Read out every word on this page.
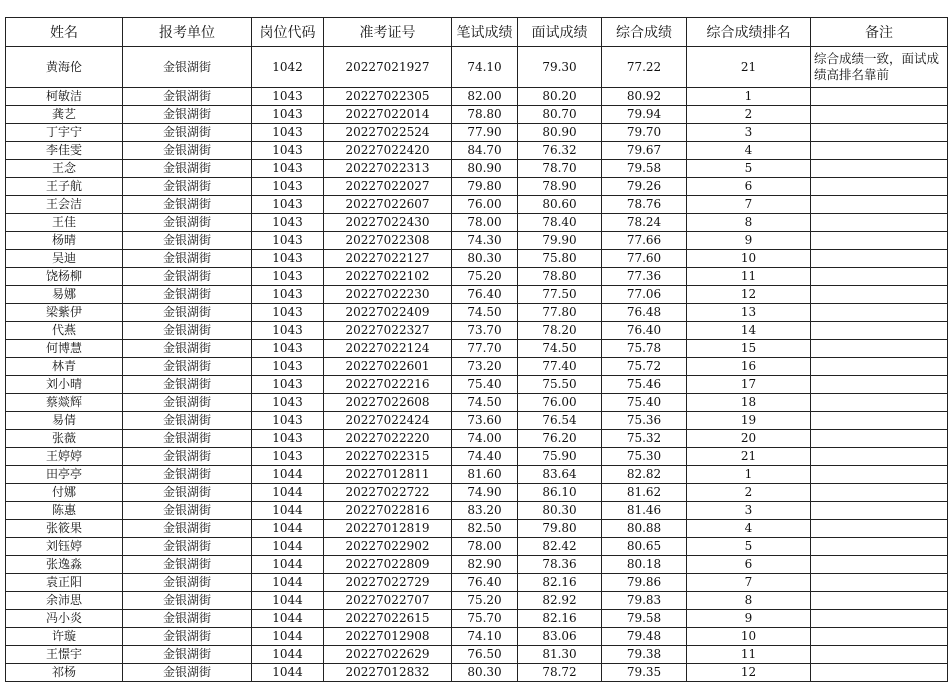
姓名	报考单位	岗位代码	准考证号	笔试成绩	面试成绩	综合成绩	综合成绩排名	备注
黄海伦	金银湖街	1042	20227021927	74.10	79.30	77.22	21	综合成绩一致，面试成绩高排名靠前
柯敏洁	金银湖街	1043	20227022305	82.00	80.20	80.92	1	
龚艺	金银湖街	1043	20227022014	78.80	80.70	79.94	2	
丁宇宁	金银湖街	1043	20227022524	77.90	80.90	79.70	3	
李佳雯	金银湖街	1043	20227022420	84.70	76.32	79.67	4	
王念	金银湖街	1043	20227022313	80.90	78.70	79.58	5	
王子航	金银湖街	1043	20227022027	79.80	78.90	79.26	6	
王会洁	金银湖街	1043	20227022607	76.00	80.60	78.76	7	
王佳	金银湖街	1043	20227022430	78.00	78.40	78.24	8	
杨晴	金银湖街	1043	20227022308	74.30	79.90	77.66	9	
吴迪	金银湖街	1043	20227022127	80.30	75.80	77.60	10	
饶杨柳	金银湖街	1043	20227022102	75.20	78.80	77.36	11	
易娜	金银湖街	1043	20227022230	76.40	77.50	77.06	12	
梁紫伊	金银湖街	1043	20227022409	74.50	77.80	76.48	13	
代燕	金银湖街	1043	20227022327	73.70	78.20	76.40	14	
何博慧	金银湖街	1043	20227022124	77.70	74.50	75.78	15	
林青	金银湖街	1043	20227022601	73.20	77.40	75.72	16	
刘小晴	金银湖街	1043	20227022216	75.40	75.50	75.46	17	
蔡燚辉	金银湖街	1043	20227022608	74.50	76.00	75.40	18	
易倩	金银湖街	1043	20227022424	73.60	76.54	75.36	19	
张薇	金银湖街	1043	20227022220	74.00	76.20	75.32	20	
王婷婷	金银湖街	1043	20227022315	74.40	75.90	75.30	21	
田亭亭	金银湖街	1044	20227012811	81.60	83.64	82.82	1	
付娜	金银湖街	1044	20227022722	74.90	86.10	81.62	2	
陈惠	金银湖街	1044	20227022816	83.20	80.30	81.46	3	
张筱果	金银湖街	1044	20227012819	82.50	79.80	80.88	4	
刘钰婷	金银湖街	1044	20227022902	78.00	82.42	80.65	5	
张逸淼	金银湖街	1044	20227022809	82.90	78.36	80.18	6	
袁正阳	金银湖街	1044	20227022729	76.40	82.16	79.86	7	
余沛思	金银湖街	1044	20227022707	75.20	82.92	79.83	8	
冯小炎	金银湖街	1044	20227022615	75.70	82.16	79.58	9	
许璇	金银湖街	1044	20227012908	74.10	83.06	79.48	10	
王憬宇	金银湖街	1044	20227022629	76.50	81.30	79.38	11	
祁杨	金银湖街	1044	20227012832	80.30	78.72	79.35	12	
